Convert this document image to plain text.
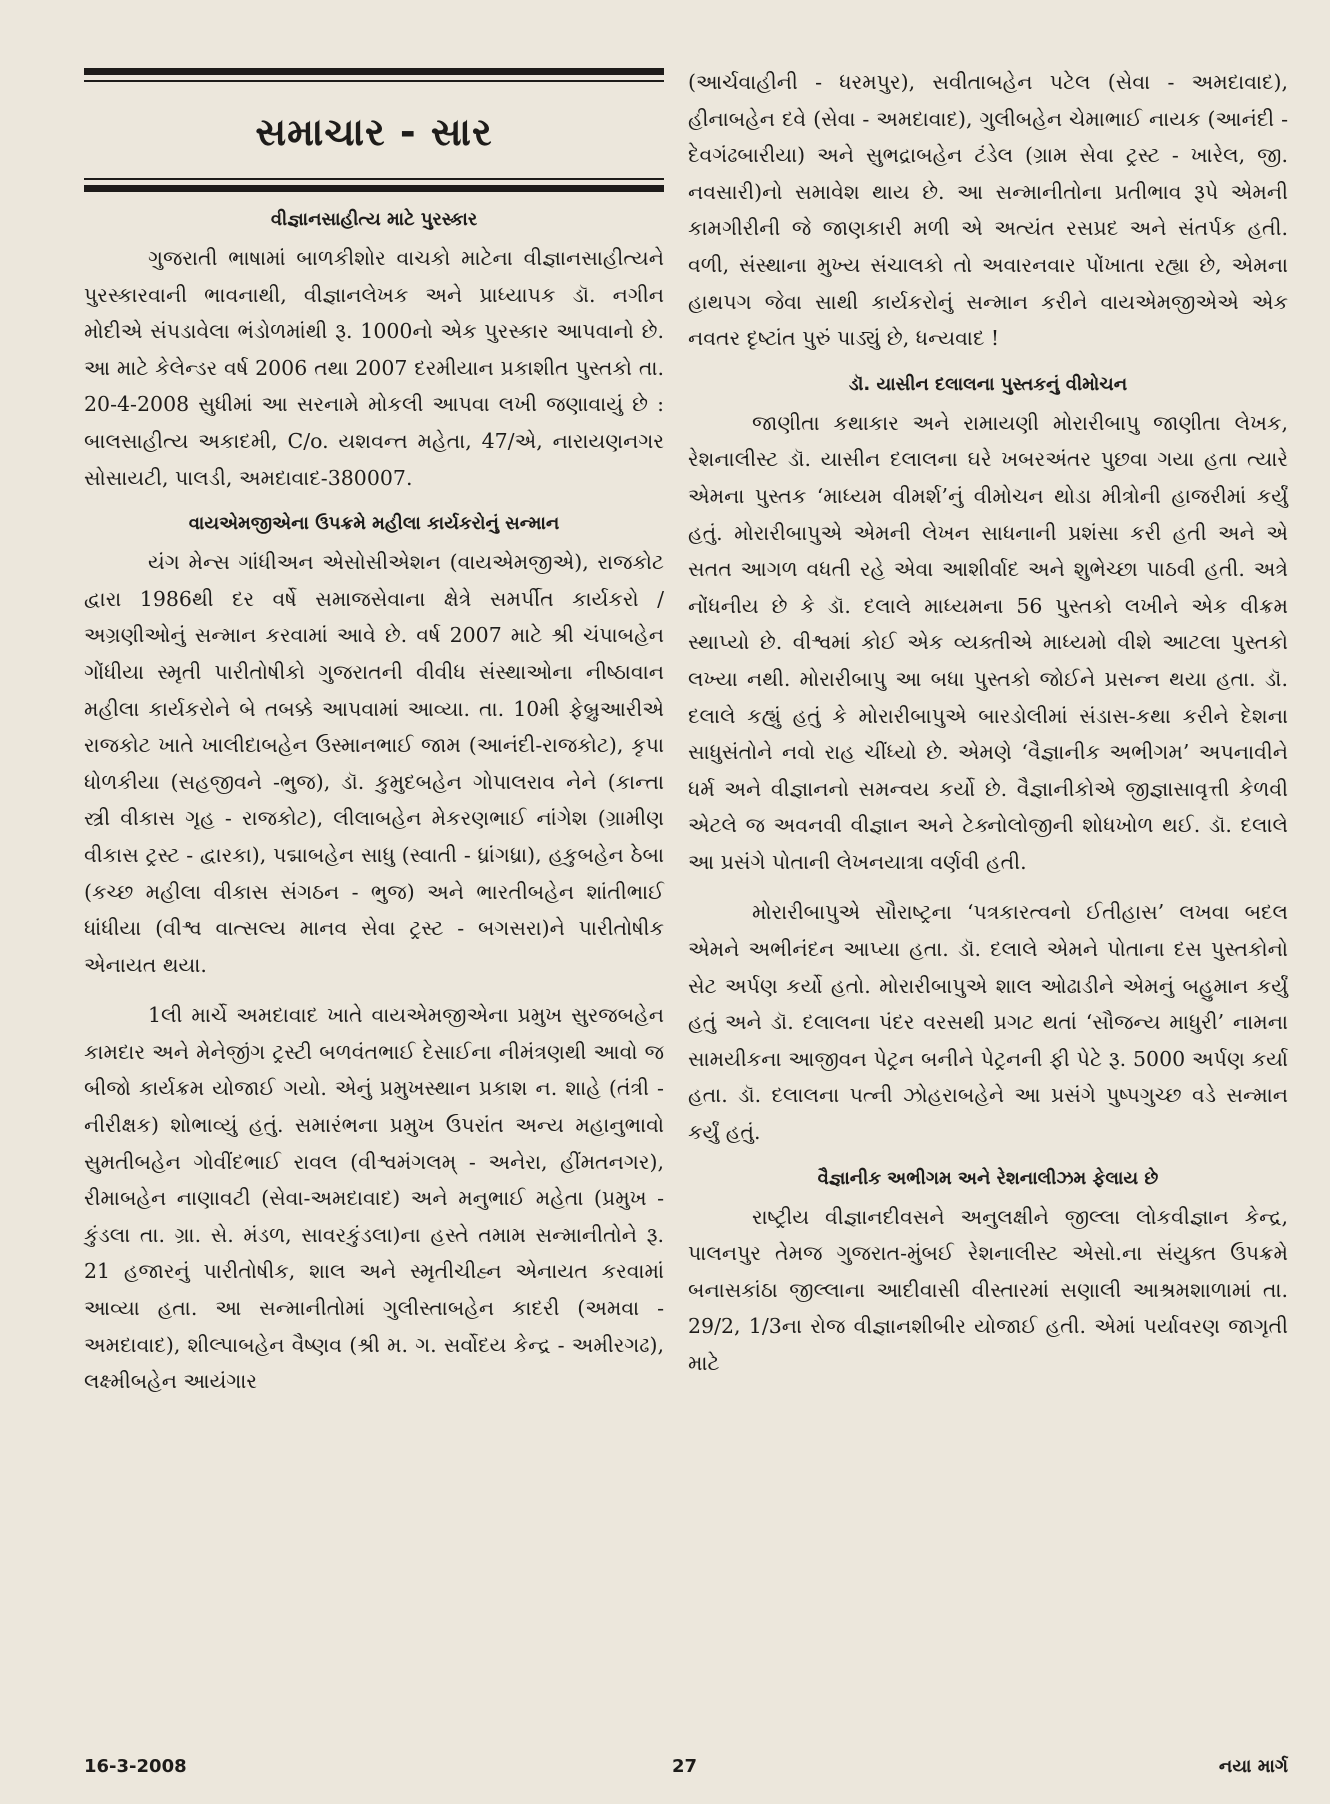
સમાચાર - સાર
વીજ્ઞાનસાહીત્ય માટે પુરસ્કાર

ગુજરાતી ભાષામાં બાળકીશોર વાચકો માટેના વીજ્ઞાનસાહીત્યને પુરસ્કારવાની ભાવનાથી, વીજ્ઞાનલેખક અને પ્રાધ્યાપક ડૉ. નગીન મોદીએ સંપડાવેલા ભંડોળમાંથી રૂ. 1000નો એક પુરસ્કાર આપવાનો છે. આ માટે કેલેન્ડર વર્ષ 2006 તથા 2007 દરમીયાન પ્રકાશીત પુસ્તકો તા. 20-4-2008 સુધીમાં આ સરનામે મોકલી આપવા લખી જણાવાયું છે : બાલસાહીત્ય અકાદમી, C/o. યશવન્ત મહેતા, 47/એ, નારાયણનગર સોસાયટી, પાલડી, અમદાવાદ-380007.

વાયએમજીએના ઉપક્રમે મહીલા કાર્યકરોનું સન્માન

યંગ મેન્સ ગાંધીઅન એસોસીએશન (વાયએમજીએ), રાજકોટ દ્વારા 1986થી દર વર્ષે સમાજસેવાના ક્ષેત્રે સમર્પીત કાર્યકરો / અગ્રણીઓનું સન્માન કરવામાં આવે છે. વર્ષ 2007 માટે શ્રી ચંપાબહેન ગોંધીયા સ્મૃતી પારીતોષીકો ગુજરાતની વીવીધ સંસ્થાઓના નીષ્ઠાવાન મહીલા કાર્યકરોને બે તબક્કે આપવામાં આવ્યા. તા. 10મી ફેબ્રુઆરીએ રાજકોટ ખાતે ખાલીદાબહેન ઉસ્માનભાઈ જામ (આનંદી-રાજકોટ), કૃપા ધોળકીયા (સહજીવને -ભુજ), ડૉ. કુમુદબહેન ગોપાલરાવ નેને (કાન્તા સ્ત્રી વીકાસ ગૃહ - રાજકોટ), લીલાબહેન મેકરણભાઈ નાંગેશ (ગ્રામીણ વીકાસ ટ્રસ્ટ - દ્વારકા), પદ્માબહેન સાધુ (સ્વાતી - ધ્રાંગધ્રા), હકુબહેન ઠેબા (કચ્છ મહીલા વીકાસ સંગઠન - ભુજ) અને ભારતીબહેન શાંતીભાઈ ધાંધીયા (વીશ્વ વાત્સલ્ય માનવ સેવા ટ્રસ્ટ - બગસરા)ને પારીતોષીક એનાયત થયા.

1લી માર્ચે અમદાવાદ ખાતે વાયએમજીએના પ્રમુખ સુરજબહેન કામદાર અને મેનેજીંગ ટ્રસ્ટી બળવંતભાઈ દેસાઈના નીમંત્રણથી આવો જ બીજો કાર્યક્રમ યોજાઈ ગયો. એનું પ્રમુખસ્થાન પ્રકાશ ન. શાહે (તંત્રી - નીરીક્ષક) શોભાવ્યું હતું. સમારંભના પ્રમુખ ઉપરાંત અન્ય મહાનુભાવો સુમતીબહેન ગોવીંદભાઈ રાવલ (વીશ્વમંગલમ્ - અનેરા, હીંમતનગર), રીમાબહેન નાણાવટી (સેવા-અમદાવાદ) અને મનુભાઈ મહેતા (પ્રમુખ - કુંડલા તા. ગ્રા. સે. મંડળ, સાવરકુંડલા)ના હસ્તે તમામ સન્માનીતોને રૂ. 21 હજારનું પારીતોષીક, શાલ અને સ્મૃતીચીહ્ન એનાયત કરવામાં આવ્યા હતા. આ સન્માનીતોમાં ગુલીસ્તાબહેન કાદરી (અમવા - અમદાવાદ), શીલ્પાબહેન વૈષ્ણવ (શ્રી મ. ગ. સર્વોદય કેન્દ્ર - અમીરગઢ), લક્ષ્મીબહેન આયંગાર

(આર્ચવાહીની - ધરમપુર), સવીતાબહેન પટેલ (સેવા - અમદાવાદ), હીનાબહેન દવે (સેવા - અમદાવાદ), ગુલીબહેન ચેમાભાઈ નાયક (આનંદી - દેવગંઢબારીયા) અને સુભદ્રાબહેન ટંડેલ (ગ્રામ સેવા ટ્રસ્ટ - ખારેલ, જી. નવસારી)નો સમાવેશ થાય છે. આ સન્માનીતોના પ્રતીભાવ રૂપે એમની કામગીરીની જે જાણકારી મળી એ અત્યંત રસપ્રદ અને સંતર્પક હતી. વળી, સંસ્થાના મુખ્ય સંચાલકો તો અવારનવાર પોંખાતા રહ્યા છે, એમના હાથપગ જેવા સાથી કાર્યકરોનું સન્માન કરીને વાયએમજીએએ એક નવતર દૃષ્ટાંત પુરું પાડ્યું છે, ધન્યવાદ !

ડૉ. યાસીન દલાલના પુસ્તકનું વીમોચન

જાણીતા કથાકાર અને રામાયણી મોરારીબાપુ જાણીતા લેખક, રેશનાલીસ્ટ ડૉ. યાસીન દલાલના ઘરે ખબરઅંતર પુછવા ગયા હતા ત્યારે એમના પુસ્તક ‘માધ્યમ વીમર્શ’નું વીમોચન થોડા મીત્રોની હાજરીમાં કર્યું હતું. મોરારીબાપુએ એમની લેખન સાધનાની પ્રશંસા કરી હતી અને એ સતત આગળ વધતી રહે એવા આશીર્વાદ અને શુભેચ્છા પાઠવી હતી. અત્રે નોંધનીય છે કે ડૉ. દલાલે માધ્યમના 56 પુસ્તકો લખીને એક વીક્રમ સ્થાપ્યો છે. વીશ્વમાં કોઈ એક વ્યક્તીએ માધ્યમો વીશે આટલા પુસ્તકો લખ્યા નથી. મોરારીબાપુ આ બધા પુસ્તકો જોઈને પ્રસન્ન થયા હતા. ડૉ. દલાલે કહ્યું હતું કે મોરારીબાપુએ બારડોલીમાં સંડાસ-કથા કરીને દેશના સાધુસંતોને નવો રાહ ચીંધ્યો છે. એમણે ‘વૈજ્ઞાનીક અભીગમ’ અપનાવીને ધર્મ અને વીજ્ઞાનનો સમન્વય કર્યો છે. વૈજ્ઞાનીકોએ જીજ્ઞાસાવૃત્તી કેળવી એટલે જ અવનવી વીજ્ઞાન અને ટેક્નોલોજીની શોધખોળ થઈ. ડૉ. દલાલે આ પ્રસંગે પોતાની લેખનયાત્રા વર્ણવી હતી.

મોરારીબાપુએ સૌરાષ્ટ્રના ‘પત્રકારત્વનો ઈતીહાસ’ લખવા બદલ એમને અભીનંદન આપ્યા હતા. ડૉ. દલાલે એમને પોતાના દસ પુસ્તકોનો સેટ અર્પણ કર્યો હતો. મોરારીબાપુએ શાલ ઓઢાડીને એમનું બહુમાન કર્યું હતું અને ડૉ. દલાલના પંદર વરસથી પ્રગટ થતાં ‘સૌજન્ય માધુરી’ નામના સામયીકના આજીવન પેટ્રન બનીને પેટ્રનની ફી પેટે રૂ. 5000 અર્પણ કર્યા હતા. ડૉ. દલાલના પત્ની ઝોહરાબહેને આ પ્રસંગે પુષ્પગુચ્છ વડે સન્માન કર્યું હતું.

વૈજ્ઞાનીક અભીગમ અને રેશનાલીઝમ ફેલાય છે

રાષ્ટ્રીય વીજ્ઞાનદીવસને અનુલક્ષીને જીલ્લા લોકવીજ્ઞાન કેન્દ્ર, પાલનપુર તેમજ ગુજરાત-મુંબઈ રેશનાલીસ્ટ એસો.ના સંયુક્ત ઉપક્રમે બનાસકાંઠા જીલ્લાના આદીવાસી વીસ્તારમાં સણાલી આશ્રમશાળામાં તા. 29/2, 1/3ના રોજ વીજ્ઞાનશીબીર યોજાઈ હતી. એમાં પર્યાવરણ જાગૃતી માટે

16-3-2008	27	નયા માર્ગ
